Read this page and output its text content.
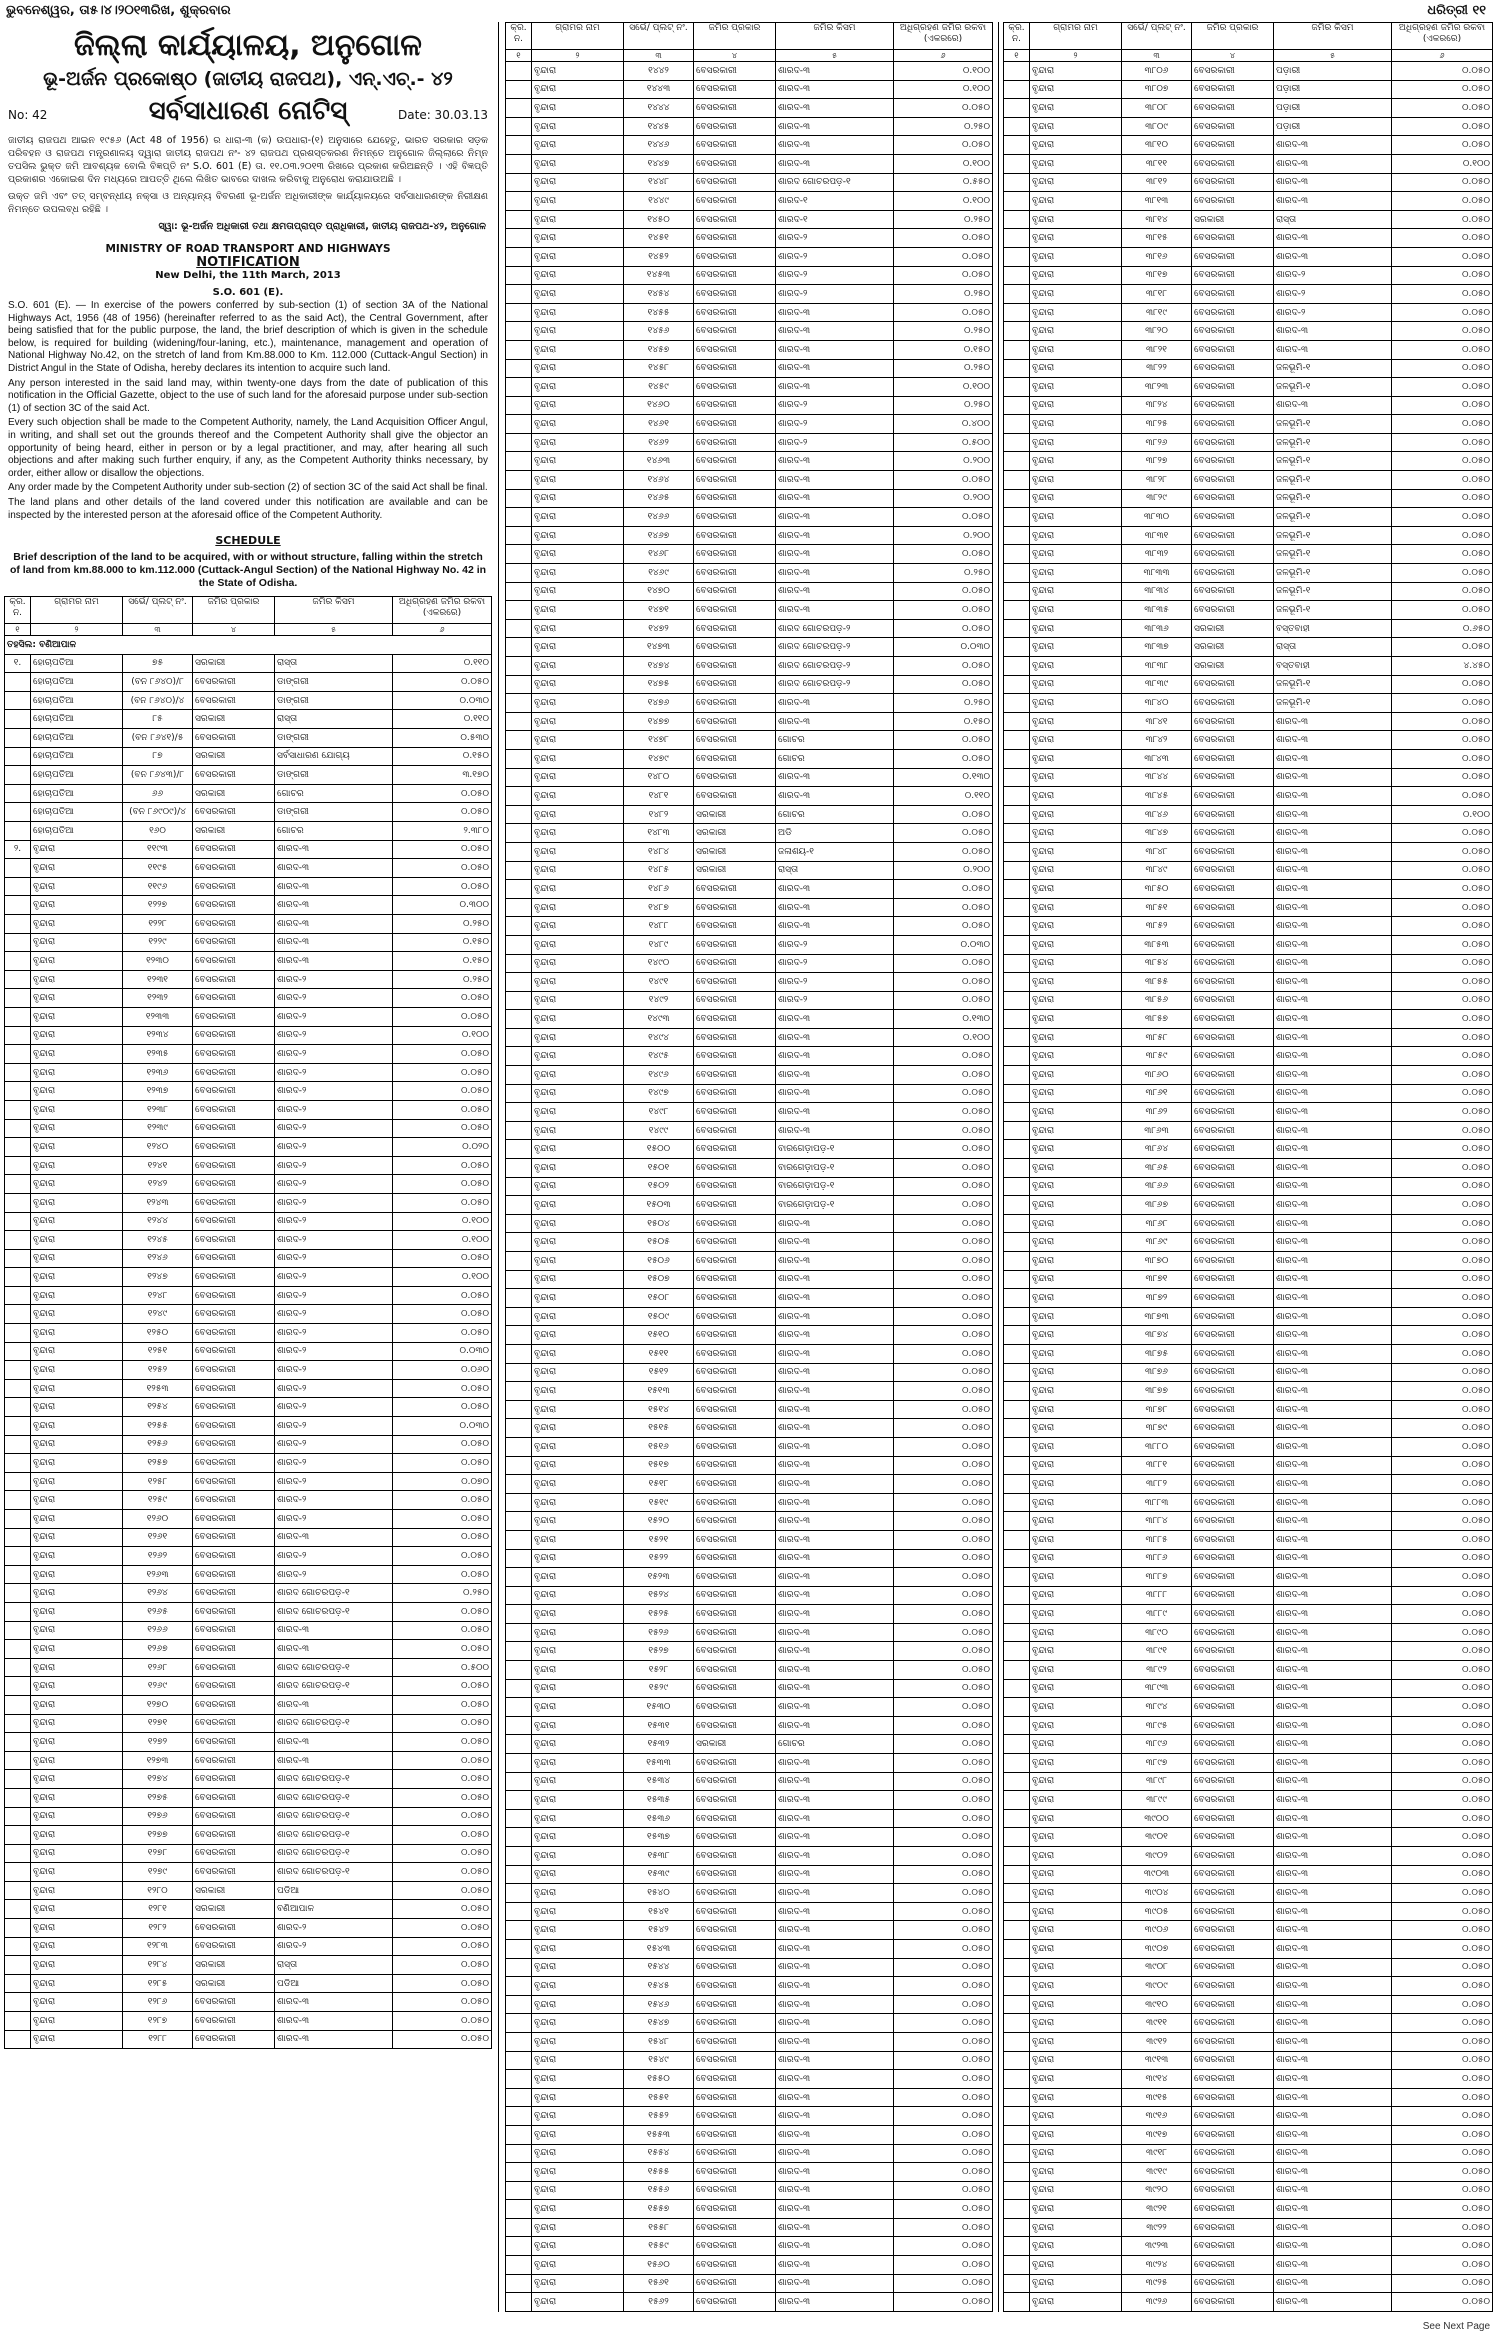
ଭୁବନେଶ୍ୱର, ତା୫।୪।୨୦୧୩ରିଖ, ଶୁକ୍ରବାର	ଧରିତ୍ରୀ ୧୧
ଜିଲ୍ଲା କାର୍ଯ୍ୟାଳୟ, ଅନୁଗୋଳ
ଭୂ-ଅର୍ଜନ ପ୍ରକୋଷ୍ଠ (ଜାତୀୟ ରାଜପଥ), ଏନ୍.ଏଚ୍.- ୪୨
No: 42	ସର୍ବସାଧାରଣ ନୋଟିସ୍	Date: 30.03.13
ଜାତୀୟ ରାଜପଥ ଆଇନ ୧୯୫୬ (Act 48 of 1956) ର ଧାରା-୩ (କ) ଉପଧାରା-(୧) ଅନୁସାରେ ଯେହେତୁ, ଭାରତ ସରକାର ସଡ଼କ ପରିବହନ ଓ ରାଜପଥ ମନ୍ତ୍ରଣାଳୟ ଦ୍ୱାରା ଜାତୀୟ ରାଜପଥ ନଂ- ୪୨ ରାଜପଥ ପ୍ରଶସ୍ତକରଣ ନିମନ୍ତେ ଅନୁଗୋଳ ଜିଲ୍ଲାରେ ନିମ୍ନ ତପସିଲ ଭୁକ୍ତ ଜମି ଆବଶ୍ୟକ ବୋଲି ବିଜ୍ଞପ୍ତି ନଂ S.O. 601 (E) ତା. ୧୧.୦୩.୨୦୧୩ ରିଖରେ ପ୍ରକାଶ କରିଅଛନ୍ତି । ଏହି ବିଜ୍ଞପ୍ତି ପ୍ରକାଶର ଏକୋଇଶ ଦିନ ମଧ୍ୟରେ ଆପତ୍ତି ଥିଲେ ଲିଖିତ ଭାବରେ ଦାଖଲ କରିବାକୁ ଅନୁରୋଧ କରାଯାଉଅଛି ।
ଉକ୍ତ ଜମି ଏବଂ ତତ୍ ସମ୍ବନ୍ଧୀୟ ନକ୍ସା ଓ ଅନ୍ୟାନ୍ୟ ବିବରଣୀ ଭୂ-ଅର୍ଜନ ଅଧିକାରୀଙ୍କ କାର୍ଯ୍ୟାଳୟରେ ସର୍ବସାଧାରଣଙ୍କ ନିରୀକ୍ଷଣ ନିମନ୍ତେ ଉପଲବ୍ଧ ରହିଛି ।
ସ୍ୱା: ଭୂ-ଅର୍ଜନ ଅଧିକାରୀ ତଥା କ୍ଷମତାପ୍ରାପ୍ତ ପ୍ରାଧିକାରୀ, ଜାତୀୟ ରାଜପଥ-୪୨, ଅନୁଗୋଳ
MINISTRY OF ROAD TRANSPORT AND HIGHWAYS
NOTIFICATION
New Delhi, the 11th March, 2013
S.O. 601 (E).
S.O. 601 (E). — In exercise of the powers conferred by sub-section (1) of section 3A of the National Highways Act, 1956 (48 of 1956) (hereinafter referred to as the said Act), the Central Government, after being satisfied that for the public purpose, the land, the brief description of which is given in the schedule below, is required for building (widening/four-laning, etc.), maintenance, management and operation of National Highway No.42, on the stretch of land from Km.88.000 to Km. 112.000 (Cuttack-Angul Section) in District Angul in the State of Odisha, hereby declares its intention to acquire such land.
Any person interested in the said land may, within twenty-one days from the date of publication of this notification in the Official Gazette, object to the use of such land for the aforesaid purpose under sub-section (1) of section 3C of the said Act.
Every such objection shall be made to the Competent Authority, namely, the Land Acquisition Officer Angul, in writing, and shall set out the grounds thereof and the Competent Authority shall give the objector an opportunity of being heard, either in person or by a legal practitioner, and may, after hearing all such objections and after making such further enquiry, if any, as the Competent Authority thinks necessary, by order, either allow or disallow the objections.
Any order made by the Competent Authority under sub-section (2) of section 3C of the said Act shall be final.
The land plans and other details of the land covered under this notification are available and can be inspected by the interested person at the aforesaid office of the Competent Authority.
SCHEDULE
Brief description of the land to be acquired, with or without structure, falling within the stretch of land from km.88.000 to km.112.000 (Cuttack-Angul Section) of the National Highway No. 42 in the State of Odisha.
କ୍ର. ନ.	ଗ୍ରାମର ନାମ	ସର୍ଭେ/ ପ୍ଲଟ୍ ନଂ.	ଜମିର ପ୍ରକାର	ଜମିର କିସମ	ଅଧିଗ୍ରହଣ ଜମିର ରକବା (ଏକରରେ)
୧	୨	୩	୪	୫	୬
ତହସିଲ: ବଣିଆପାଳ					
୧.	ହୋଚାପତିଆ	୭୫	ସରକାରୀ	ରାସ୍ତା	୦.୧୧୦
	ହୋଚାପତିଆ	(ବନ ୮୬୪୦)/୮	ବେସରକାରୀ	ଡାଙ୍ଗରୀ	୦.୦୫୦
	ହୋଚାପତିଆ	(ବନ ୮୬୪୦)/୪	ବେସରକାରୀ	ଡାଙ୍ଗରୀ	୦.୦୩୦
	ହୋଚାପତିଆ	୮୫	ସରକାରୀ	ରାସ୍ତା	୦.୧୧୦
	ହୋଚାପତିଆ	(ବନ ୮୬୪୧)/୫	ବେସରକାରୀ	ଡାଙ୍ଗରୀ	୦.୫୩୦
	ହୋଚାପତିଆ	୮୭	ସରକାରୀ	ସର୍ବସାଧାରଣ ଯୋଗ୍ୟ	୦.୧୫୦
	ହୋଚାପତିଆ	(ବନ ୮୬୪୩)/୮	ବେସରକାରୀ	ଡାଙ୍ଗରୀ	୩.୧୭୦
	ହୋଚାପତିଆ	୬୬	ସରକାରୀ	ଗୋଚର	୦.୦୫୦
	ହୋଚାପତିଆ	(ବନ ୮୬୯୦୯)/୪	ବେସରକାରୀ	ଡାଙ୍ଗରୀ	୦.୦୫୦
	ହୋଚାପତିଆ	୧୬୦	ସରକାରୀ	ଗୋଚର	୨.୩୮୦
୨.	ବୃନ୍ଦାରା	୧୧୯୩	ବେସରକାରୀ	ଶାରଦ-୩	୦.୦୫୦
	ବୃନ୍ଦାରା	୧୧୯୫	ବେସରକାରୀ	ଶାରଦ-୩	୦.୦୫୦
	ବୃନ୍ଦାରା	୧୧୯୬	ବେସରକାରୀ	ଶାରଦ-୩	୦.୦୫୦
	ବୃନ୍ଦାରା	୧୨୨୭	ବେସରକାରୀ	ଶାରଦ-୩	୦.୩୦୦
	ବୃନ୍ଦାରା	୧୨୨୮	ବେସରକାରୀ	ଶାରଦ-୩	୦.୨୫୦
	ବୃନ୍ଦାରା	୧୨୨୯	ବେସରକାରୀ	ଶାରଦ-୩	୦.୧୫୦
	ବୃନ୍ଦାରା	୧୨୩୦	ବେସରକାରୀ	ଶାରଦ-୩	୦.୧୫୦
	ବୃନ୍ଦାରା	୧୨୩୧	ବେସରକାରୀ	ଶାରଦ-୨	୦.୨୫୦
	ବୃନ୍ଦାରା	୧୨୩୨	ବେସରକାରୀ	ଶାରଦ-୨	୦.୦୫୦
	ବୃନ୍ଦାରା	୧୨୩୩	ବେସରକାରୀ	ଶାରଦ-୨	୦.୦୫୦
	ବୃନ୍ଦାରା	୧୨୩୪	ବେସରକାରୀ	ଶାରଦ-୨	୦.୧୦୦
	ବୃନ୍ଦାରା	୧୨୩୫	ବେସରକାରୀ	ଶାରଦ-୨	୦.୦୫୦
	ବୃନ୍ଦାରା	୧୨୩୬	ବେସରକାରୀ	ଶାରଦ-୨	୦.୦୫୦
	ବୃନ୍ଦାରା	୧୨୩୭	ବେସରକାରୀ	ଶାରଦ-୨	୦.୦୫୦
	ବୃନ୍ଦାରା	୧୨୩୮	ବେସରକାରୀ	ଶାରଦ-୨	୦.୦୫୦
	ବୃନ୍ଦାରା	୧୨୩୯	ବେସରକାରୀ	ଶାରଦ-୨	୦.୦୫୦
	ବୃନ୍ଦାରା	୧୨୪୦	ବେସରକାରୀ	ଶାରଦ-୨	୦.୦୨୦
	ବୃନ୍ଦାରା	୧୨୪୧	ବେସରକାରୀ	ଶାରଦ-୨	୦.୦୫୦
	ବୃନ୍ଦାରା	୧୨୪୨	ବେସରକାରୀ	ଶାରଦ-୨	୦.୦୫୦
	ବୃନ୍ଦାରା	୧୨୪୩	ବେସରକାରୀ	ଶାରଦ-୨	୦.୦୫୦
	ବୃନ୍ଦାରା	୧୨୪୪	ବେସରକାରୀ	ଶାରଦ-୨	୦.୧୦୦
	ବୃନ୍ଦାରା	୧୨୪୫	ବେସରକାରୀ	ଶାରଦ-୨	୦.୧୦୦
	ବୃନ୍ଦାରା	୧୨୪୬	ବେସରକାରୀ	ଶାରଦ-୨	୦.୦୫୦
	ବୃନ୍ଦାରା	୧୨୪୭	ବେସରକାରୀ	ଶାରଦ-୨	୦.୧୦୦
	ବୃନ୍ଦାରା	୧୨୪୮	ବେସରକାରୀ	ଶାରଦ-୨	୦.୦୫୦
	ବୃନ୍ଦାରା	୧୨୪୯	ବେସରକାରୀ	ଶାରଦ-୨	୦.୦୫୦
	ବୃନ୍ଦାରା	୧୨୫୦	ବେସରକାରୀ	ଶାରଦ-୨	୦.୦୫୦
	ବୃନ୍ଦାରା	୧୨୫୧	ବେସରକାରୀ	ଶାରଦ-୨	୦.୦୩୦
	ବୃନ୍ଦାରା	୧୨୫୨	ବେସରକାରୀ	ଶାରଦ-୨	୦.୦୬୦
	ବୃନ୍ଦାରା	୧୨୫୩	ବେସରକାରୀ	ଶାରଦ-୨	୦.୦୫୦
	ବୃନ୍ଦାରା	୧୨୫୪	ବେସରକାରୀ	ଶାରଦ-୨	୦.୦୫୦
	ବୃନ୍ଦାରା	୧୨୫୫	ବେସରକାରୀ	ଶାରଦ-୨	୦.୦୩୦
	ବୃନ୍ଦାରା	୧୨୫୬	ବେସରକାରୀ	ଶାରଦ-୨	୦.୦୫୦
	ବୃନ୍ଦାରା	୧୨୫୭	ବେସରକାରୀ	ଶାରଦ-୨	୦.୦୫୦
	ବୃନ୍ଦାରା	୧୨୫୮	ବେସରକାରୀ	ଶାରଦ-୨	୦.୦୭୦
	ବୃନ୍ଦାରା	୧୨୫୯	ବେସରକାରୀ	ଶାରଦ-୨	୦.୦୫୦
	ବୃନ୍ଦାରା	୧୨୬୦	ବେସରକାରୀ	ଶାରଦ-୨	୦.୦୫୦
	ବୃନ୍ଦାରା	୧୨୬୧	ବେସରକାରୀ	ଶାରଦ-୩	୦.୦୫୦
	ବୃନ୍ଦାରା	୧୨୬୨	ବେସରକାରୀ	ଶାରଦ-୨	୦.୦୫୦
	ବୃନ୍ଦାରା	୧୨୬୩	ବେସରକାରୀ	ଶାରଦ-୨	୦.୦୫୦
	ବୃନ୍ଦାରା	୧୨୬୪	ବେସରକାରୀ	ଶାରଦ ଗୋଚରପଡ଼-୧	୦.୨୫୦
	ବୃନ୍ଦାରା	୧୨୬୫	ବେସରକାରୀ	ଶାରଦ ଗୋଚରପଡ଼-୧	୦.୦୫୦
	ବୃନ୍ଦାରା	୧୨୬୬	ବେସରକାରୀ	ଶାରଦ-୩	୦.୦୫୦
	ବୃନ୍ଦାରା	୧୨୬୭	ବେସରକାରୀ	ଶାରଦ-୩	୦.୦୫୦
	ବୃନ୍ଦାରା	୧୨୬୮	ବେସରକାରୀ	ଶାରଦ ଗୋଚରପଡ଼-୧	୦.୫୦୦
	ବୃନ୍ଦାରା	୧୨୬୯	ବେସରକାରୀ	ଶାରଦ ଗୋଚରପଡ଼-୧	୦.୦୫୦
	ବୃନ୍ଦାରା	୧୨୭୦	ବେସରକାରୀ	ଶାରଦ-୩	୦.୦୫୦
	ବୃନ୍ଦାରା	୧୨୭୧	ବେସରକାରୀ	ଶାରଦ ଗୋଚରପଡ଼-୧	୦.୦୫୦
	ବୃନ୍ଦାରା	୧୨୭୨	ବେସରକାରୀ	ଶାରଦ-୩	୦.୦୫୦
	ବୃନ୍ଦାରା	୧୨୭୩	ବେସରକାରୀ	ଶାରଦ-୩	୦.୦୫୦
	ବୃନ୍ଦାରା	୧୨୭୪	ବେସରକାରୀ	ଶାରଦ ଗୋଚରପଡ଼-୧	୦.୦୫୦
	ବୃନ୍ଦାରା	୧୨୭୫	ବେସରକାରୀ	ଶାରଦ ଗୋଚରପଡ଼-୧	୦.୦୫୦
	ବୃନ୍ଦାରା	୧୨୭୬	ବେସରକାରୀ	ଶାରଦ ଗୋଚରପଡ଼-୧	୦.୦୫୦
	ବୃନ୍ଦାରା	୧୨୭୭	ବେସରକାରୀ	ଶାରଦ ଗୋଚରପଡ଼-୧	୦.୦୫୦
	ବୃନ୍ଦାରା	୧୨୭୮	ବେସରକାରୀ	ଶାରଦ ଗୋଚରପଡ଼-୧	୦.୦୫୦
	ବୃନ୍ଦାରା	୧୨୭୯	ବେସରକାରୀ	ଶାରଦ ଗୋଚରପଡ଼-୧	୦.୦୫୦
	ବୃନ୍ଦାରା	୧୨୮୦	ସରକାରୀ	ପଡିଆ	୦.୦୫୦
	ବୃନ୍ଦାରା	୧୨୮୧	ସରକାରୀ	ବଣିଆପାଳ	୦.୦୫୦
	ବୃନ୍ଦାରା	୧୨୮୨	ବେସରକାରୀ	ଶାରଦ-୨	୦.୦୫୦
	ବୃନ୍ଦାରା	୧୨୮୩	ବେସରକାରୀ	ଶାରଦ-୨	୦.୦୫୦
	ବୃନ୍ଦାରା	୧୨୮୪	ସରକାରୀ	ରାସ୍ତା	୦.୦୫୦
	ବୃନ୍ଦାରା	୧୨୮୫	ସରକାରୀ	ପଡିଆ	୦.୦୫୦
	ବୃନ୍ଦାରା	୧୨୮୬	ବେସରକାରୀ	ଶାରଦ-୩	୦.୦୫୦
	ବୃନ୍ଦାରା	୧୨୮୭	ବେସରକାରୀ	ଶାରଦ-୩	୦.୦୫୦
	ବୃନ୍ଦାରା	୧୨୮୮	ବେସରକାରୀ	ଶାରଦ-୩	୦.୦୫୦
କ୍ର. ନ.	ଗ୍ରାମର ନାମ	ସର୍ଭେ/ ପ୍ଲଟ୍ ନଂ.	ଜମିର ପ୍ରକାର	ଜମିର କିସମ	ଅଧିଗ୍ରହଣ ଜମିର ରକବା (ଏକରରେ)
୧	୨	୩	୪	୫	୬
	ବୃନ୍ଦାରା	୧୪୪୨	ବେସରକାରୀ	ଶାରଦ-୩	୦.୧୦୦
	ବୃନ୍ଦାରା	୧୪୪୩	ବେସରକାରୀ	ଶାରଦ-୩	୦.୧୦୦
	ବୃନ୍ଦାରା	୧୪୪୪	ବେସରକାରୀ	ଶାରଦ-୩	୦.୦୫୦
	ବୃନ୍ଦାରା	୧୪୪୫	ବେସରକାରୀ	ଶାରଦ-୩	୦.୨୫୦
	ବୃନ୍ଦାରା	୧୪୪୬	ବେସରକାରୀ	ଶାରଦ-୩	୦.୦୫୦
	ବୃନ୍ଦାରା	୧୪୪୭	ବେସରକାରୀ	ଶାରଦ-୩	୦.୧୦୦
	ବୃନ୍ଦାରା	୧୪୪୮	ବେସରକାରୀ	ଶାରଦ ଗୋଚରପଡ଼-୧	୦.୫୫୦
	ବୃନ୍ଦାରା	୧୪୪୯	ବେସରକାରୀ	ଶାରଦ-୧	୦.୧୦୦
	ବୃନ୍ଦାରା	୧୪୫୦	ବେସରକାରୀ	ଶାରଦ-୧	୦.୨୫୦
	ବୃନ୍ଦାରା	୧୪୫୧	ବେସରକାରୀ	ଶାରଦ-୨	୦.୦୫୦
	ବୃନ୍ଦାରା	୧୪୫୨	ବେସରକାରୀ	ଶାରଦ-୨	୦.୦୫୦
	ବୃନ୍ଦାରା	୧୪୫୩	ବେସରକାରୀ	ଶାରଦ-୨	୦.୦୫୦
	ବୃନ୍ଦାରା	୧୪୫୪	ବେସରକାରୀ	ଶାରଦ-୨	୦.୨୫୦
	ବୃନ୍ଦାରା	୧୪୫୫	ବେସରକାରୀ	ଶାରଦ-୩	୦.୦୫୦
	ବୃନ୍ଦାରା	୧୪୫୬	ବେସରକାରୀ	ଶାରଦ-୩	୦.୨୫୦
	ବୃନ୍ଦାରା	୧୪୫୭	ବେସରକାରୀ	ଶାରଦ-୩	୦.୧୫୦
	ବୃନ୍ଦାରା	୧୪୫୮	ବେସରକାରୀ	ଶାରଦ-୩	୦.୨୫୦
	ବୃନ୍ଦାରା	୧୪୫୯	ବେସରକାରୀ	ଶାରଦ-୩	୦.୧୦୦
	ବୃନ୍ଦାରା	୧୪୬୦	ବେସରକାରୀ	ଶାରଦ-୨	୦.୨୫୦
	ବୃନ୍ଦାରା	୧୪୬୧	ବେସରକାରୀ	ଶାରଦ-୨	୦.୪୦୦
	ବୃନ୍ଦାରା	୧୪୬୨	ବେସରକାରୀ	ଶାରଦ-୨	୦.୫୦୦
	ବୃନ୍ଦାରା	୧୪୬୩	ବେସରକାରୀ	ଶାରଦ-୩	୦.୨୦୦
	ବୃନ୍ଦାରା	୧୪୬୪	ବେସରକାରୀ	ଶାରଦ-୩	୦.୦୫୦
	ବୃନ୍ଦାରା	୧୪୬୫	ବେସରକାରୀ	ଶାରଦ-୩	୦.୨୦୦
	ବୃନ୍ଦାରା	୧୪୬୬	ବେସରକାରୀ	ଶାରଦ-୩	୦.୦୫୦
	ବୃନ୍ଦାରା	୧୪୬୭	ବେସରକାରୀ	ଶାରଦ-୩	୦.୨୦୦
	ବୃନ୍ଦାରା	୧୪୬୮	ବେସରକାରୀ	ଶାରଦ-୩	୦.୦୫୦
	ବୃନ୍ଦାରା	୧୪୬୯	ବେସରକାରୀ	ଶାରଦ-୩	୦.୨୫୦
	ବୃନ୍ଦାରା	୧୪୭୦	ବେସରକାରୀ	ଶାରଦ-୩	୦.୦୫୦
	ବୃନ୍ଦାରା	୧୪୭୧	ବେସରକାରୀ	ଶାରଦ-୩	୦.୦୫୦
	ବୃନ୍ଦାରା	୧୪୭୨	ବେସରକାରୀ	ଶାରଦ ଗୋଚରପଡ଼-୨	୦.୦୫୦
	ବୃନ୍ଦାରା	୧୪୭୩	ବେସରକାରୀ	ଶାରଦ ଗୋଚରପଡ଼-୨	୦.୦୩୦
	ବୃନ୍ଦାରା	୧୪୭୪	ବେସରକାରୀ	ଶାରଦ ଗୋଚରପଡ଼-୨	୦.୦୫୦
	ବୃନ୍ଦାରା	୧୪୭୫	ବେସରକାରୀ	ଶାରଦ ଗୋଚରପଡ଼-୨	୦.୦୫୦
	ବୃନ୍ଦାରା	୧୪୭୬	ବେସରକାରୀ	ଶାରଦ-୩	୦.୨୫୦
	ବୃନ୍ଦାରା	୧୪୭୭	ବେସରକାରୀ	ଶାରଦ-୩	୦.୧୫୦
	ବୃନ୍ଦାରା	୧୪୭୮	ବେସରକାରୀ	ଗୋଚର	୦.୦୫୦
	ବୃନ୍ଦାରା	୧୪୭୯	ବେସରକାରୀ	ଗୋଚର	୦.୦୫୦
	ବୃନ୍ଦାରା	୧୪୮୦	ବେସରକାରୀ	ଶାରଦ-୩	୦.୧୩୦
	ବୃନ୍ଦାରା	୧୪୮୧	ବେସରକାରୀ	ଶାରଦ-୩	୦.୧୧୦
	ବୃନ୍ଦାରା	୧୪୮୨	ସରକାରୀ	ଗୋଚର	୦.୦୫୦
	ବୃନ୍ଦାରା	୧୪୮୩	ସରକାରୀ	ଅଡି	୦.୦୫୦
	ବୃନ୍ଦାରା	୧୪୮୪	ସରକାରୀ	ଜଳାଶୟ-୧	୦.୦୫୦
	ବୃନ୍ଦାରା	୧୪୮୫	ସରକାରୀ	ରାସ୍ତା	୦.୨୦୦
	ବୃନ୍ଦାରା	୧୪୮୬	ବେସରକାରୀ	ଶାରଦ-୩	୦.୦୫୦
	ବୃନ୍ଦାରା	୧୪୮୭	ବେସରକାରୀ	ଶାରଦ-୩	୦.୦୫୦
	ବୃନ୍ଦାରା	୧୪୮୮	ବେସରକାରୀ	ଶାରଦ-୩	୦.୦୫୦
	ବୃନ୍ଦାରା	୧୪୮୯	ବେସରକାରୀ	ଶାରଦ-୨	୦.୦୩୦
	ବୃନ୍ଦାରା	୧୪୯୦	ବେସରକାରୀ	ଶାରଦ-୨	୦.୦୫୦
	ବୃନ୍ଦାରା	୧୪୯୧	ବେସରକାରୀ	ଶାରଦ-୨	୦.୦୫୦
	ବୃନ୍ଦାରା	୧୪୯୨	ବେସରକାରୀ	ଶାରଦ-୨	୦.୦୫୦
	ବୃନ୍ଦାରା	୧୪୯୩	ବେସରକାରୀ	ଶାରଦ-୩	୦.୧୩୦
	ବୃନ୍ଦାରା	୧୪୯୪	ବେସରକାରୀ	ଶାରଦ-୩	୦.୧୦୦
	ବୃନ୍ଦାରା	୧୪୯୫	ବେସରକାରୀ	ଶାରଦ-୩	୦.୦୫୦
	ବୃନ୍ଦାରା	୧୪୯୬	ବେସରକାରୀ	ଶାରଦ-୩	୦.୦୫୦
	ବୃନ୍ଦାରା	୧୪୯୭	ବେସରକାରୀ	ଶାରଦ-୩	୦.୦୫୦
	ବୃନ୍ଦାରା	୧୪୯୮	ବେସରକାରୀ	ଶାରଦ-୩	୦.୦୫୦
	ବୃନ୍ଦାରା	୧୪୯୯	ବେସରକାରୀ	ଶାରଦ-୩	୦.୦୫୦
	ବୃନ୍ଦାରା	୧୫୦୦	ବେସରକାରୀ	ବାରଗେଡ଼ାପଡ଼-୧	୦.୦୫୦
	ବୃନ୍ଦାରା	୧୫୦୧	ବେସରକାରୀ	ବାରଗେଡ଼ାପଡ଼-୧	୦.୦୫୦
	ବୃନ୍ଦାରା	୧୫୦୨	ବେସରକାରୀ	ବାରଗେଡ଼ାପଡ଼-୧	୦.୦୫୦
	ବୃନ୍ଦାରା	୧୫୦୩	ବେସରକାରୀ	ବାରଗେଡ଼ାପଡ଼-୧	୦.୦୫୦
	ବୃନ୍ଦାରା	୧୫୦୪	ବେସରକାରୀ	ଶାରଦ-୩	୦.୦୫୦
	ବୃନ୍ଦାରା	୧୫୦୫	ବେସରକାରୀ	ଶାରଦ-୩	୦.୦୫୦
	ବୃନ୍ଦାରା	୧୫୦୬	ବେସରକାରୀ	ଶାରଦ-୩	୦.୦୫୦
	ବୃନ୍ଦାରା	୧୫୦୭	ବେସରକାରୀ	ଶାରଦ-୩	୦.୦୫୦
	ବୃନ୍ଦାରା	୧୫୦୮	ବେସରକାରୀ	ଶାରଦ-୩	୦.୦୫୦
	ବୃନ୍ଦାରା	୧୫୦୯	ବେସରକାରୀ	ଶାରଦ-୩	୦.୦୫୦
	ବୃନ୍ଦାରା	୧୫୧୦	ବେସରକାରୀ	ଶାରଦ-୩	୦.୦୫୦
	ବୃନ୍ଦାରା	୧୫୧୧	ବେସରକାରୀ	ଶାରଦ-୩	୦.୦୫୦
	ବୃନ୍ଦାରା	୧୫୧୨	ବେସରକାରୀ	ଶାରଦ-୩	୦.୦୫୦
	ବୃନ୍ଦାରା	୧୫୧୩	ବେସରକାରୀ	ଶାରଦ-୩	୦.୦୫୦
	ବୃନ୍ଦାରା	୧୫୧୪	ବେସରକାରୀ	ଶାରଦ-୩	୦.୦୫୦
	ବୃନ୍ଦାରା	୧୫୧୫	ବେସରକାରୀ	ଶାରଦ-୩	୦.୦୫୦
	ବୃନ୍ଦାରା	୧୫୧୬	ବେସରକାରୀ	ଶାରଦ-୩	୦.୦୫୦
	ବୃନ୍ଦାରା	୧୫୧୭	ବେସରକାରୀ	ଶାରଦ-୩	୦.୦୫୦
	ବୃନ୍ଦାରା	୧୫୧୮	ବେସରକାରୀ	ଶାରଦ-୩	୦.୦୫୦
	ବୃନ୍ଦାରା	୧୫୧୯	ବେସରକାରୀ	ଶାରଦ-୩	୦.୦୫୦
	ବୃନ୍ଦାରା	୧୫୨୦	ବେସରକାରୀ	ଶାରଦ-୩	୦.୦୫୦
	ବୃନ୍ଦାରା	୧୫୨୧	ବେସରକାରୀ	ଶାରଦ-୩	୦.୦୫୦
	ବୃନ୍ଦାରା	୧୫୨୨	ବେସରକାରୀ	ଶାରଦ-୩	୦.୦୫୦
	ବୃନ୍ଦାରା	୧୫୨୩	ବେସରକାରୀ	ଶାରଦ-୩	୦.୦୫୦
	ବୃନ୍ଦାରା	୧୫୨୪	ବେସରକାରୀ	ଶାରଦ-୩	୦.୦୫୦
	ବୃନ୍ଦାରା	୧୫୨୫	ବେସରକାରୀ	ଶାରଦ-୩	୦.୦୫୦
	ବୃନ୍ଦାରା	୧୫୨୬	ବେସରକାରୀ	ଶାରଦ-୩	୦.୦୫୦
	ବୃନ୍ଦାରା	୧୫୨୭	ବେସରକାରୀ	ଶାରଦ-୩	୦.୦୫୦
	ବୃନ୍ଦାରା	୧୫୨୮	ବେସରକାରୀ	ଶାରଦ-୩	୦.୦୫୦
	ବୃନ୍ଦାରା	୧୫୨୯	ବେସରକାରୀ	ଶାରଦ-୩	୦.୦୫୦
	ବୃନ୍ଦାରା	୧୫୩୦	ବେସରକାରୀ	ଶାରଦ-୩	୦.୦୫୦
	ବୃନ୍ଦାରା	୧୫୩୧	ବେସରକାରୀ	ଶାରଦ-୩	୦.୦୫୦
	ବୃନ୍ଦାରା	୧୫୩୨	ସରକାରୀ	ଗୋଚର	୦.୦୫୦
	ବୃନ୍ଦାରା	୧୫୩୩	ବେସରକାରୀ	ଶାରଦ-୩	୦.୦୫୦
	ବୃନ୍ଦାରା	୧୫୩୪	ବେସରକାରୀ	ଶାରଦ-୩	୦.୦୫୦
	ବୃନ୍ଦାରା	୧୫୩୫	ବେସରକାରୀ	ଶାରଦ-୩	୦.୦୫୦
	ବୃନ୍ଦାରା	୧୫୩୬	ବେସରକାରୀ	ଶାରଦ-୩	୦.୦୫୦
	ବୃନ୍ଦାରା	୧୫୩୭	ବେସରକାରୀ	ଶାରଦ-୩	୦.୦୫୦
	ବୃନ୍ଦାରା	୧୫୩୮	ବେସରକାରୀ	ଶାରଦ-୩	୦.୦୫୦
	ବୃନ୍ଦାରା	୧୫୩୯	ବେସରକାରୀ	ଶାରଦ-୩	୦.୦୫୦
	ବୃନ୍ଦାରା	୧୫୪୦	ବେସରକାରୀ	ଶାରଦ-୩	୦.୦୫୦
	ବୃନ୍ଦାରା	୧୫୪୧	ବେସରକାରୀ	ଶାରଦ-୩	୦.୦୫୦
	ବୃନ୍ଦାରା	୧୫୪୨	ବେସରକାରୀ	ଶାରଦ-୩	୦.୦୫୦
	ବୃନ୍ଦାରା	୧୫୪୩	ବେସରକାରୀ	ଶାରଦ-୩	୦.୦୫୦
	ବୃନ୍ଦାରା	୧୫୪୪	ବେସରକାରୀ	ଶାରଦ-୩	୦.୦୫୦
	ବୃନ୍ଦାରା	୧୫୪୫	ବେସରକାରୀ	ଶାରଦ-୩	୦.୦୫୦
	ବୃନ୍ଦାରା	୧୫୪୬	ବେସରକାରୀ	ଶାରଦ-୩	୦.୦୫୦
	ବୃନ୍ଦାରା	୧୫୪୭	ବେସରକାରୀ	ଶାରଦ-୩	୦.୦୫୦
	ବୃନ୍ଦାରା	୧୫୪୮	ବେସରକାରୀ	ଶାରଦ-୩	୦.୦୫୦
	ବୃନ୍ଦାରା	୧୫୪୯	ବେସରକାରୀ	ଶାରଦ-୩	୦.୦୫୦
	ବୃନ୍ଦାରା	୧୫୫୦	ବେସରକାରୀ	ଶାରଦ-୩	୦.୦୫୦
	ବୃନ୍ଦାରା	୧୫୫୧	ବେସରକାରୀ	ଶାରଦ-୩	୦.୦୫୦
	ବୃନ୍ଦାରା	୧୫୫୨	ବେସରକାରୀ	ଶାରଦ-୩	୦.୦୫୦
	ବୃନ୍ଦାରା	୧୫୫୩	ବେସରକାରୀ	ଶାରଦ-୩	୦.୦୫୦
	ବୃନ୍ଦାରା	୧୫୫୪	ବେସରକାରୀ	ଶାରଦ-୩	୦.୦୫୦
	ବୃନ୍ଦାରା	୧୫୫୫	ବେସରକାରୀ	ଶାରଦ-୩	୦.୦୫୦
	ବୃନ୍ଦାରା	୧୫୫୬	ବେସରକାରୀ	ଶାରଦ-୩	୦.୦୫୦
	ବୃନ୍ଦାରା	୧୫୫୭	ବେସରକାରୀ	ଶାରଦ-୩	୦.୦୫୦
	ବୃନ୍ଦାରା	୧୫୫୮	ବେସରକାରୀ	ଶାରଦ-୩	୦.୦୫୦
	ବୃନ୍ଦାରା	୧୫୫୯	ବେସରକାରୀ	ଶାରଦ-୩	୦.୦୫୦
	ବୃନ୍ଦାରା	୧୫୬୦	ବେସରକାରୀ	ଶାରଦ-୩	୦.୦୫୦
	ବୃନ୍ଦାରା	୧୫୬୧	ବେସରକାରୀ	ଶାରଦ-୩	୦.୦୫୦
	ବୃନ୍ଦାରା	୧୫୬୨	ବେସରକାରୀ	ଶାରଦ-୩	୦.୦୫୦

କ୍ର. ନ.	ଗ୍ରାମର ନାମ	ସର୍ଭେ/ ପ୍ଲଟ୍ ନଂ.	ଜମିର ପ୍ରକାର	ଜମିର କିସମ	ଅଧିଗ୍ରହଣ ଜମିର ରକବା (ଏକରରେ)
୧	୨	୩	୪	୫	୬
	ବୃନ୍ଦାରା	୩୮୦୬	ବେସରକାରୀ	ପଡ଼ାରୀ	୦.୦୫୦
	ବୃନ୍ଦାରା	୩୮୦୭	ବେସରକାରୀ	ପଡ଼ାରୀ	୦.୦୫୦
	ବୃନ୍ଦାରା	୩୮୦୮	ବେସରକାରୀ	ପଡ଼ାରୀ	୦.୦୫୦
	ବୃନ୍ଦାରା	୩୮୦୯	ବେସରକାରୀ	ପଡ଼ାରୀ	୦.୦୫୦
	ବୃନ୍ଦାରା	୩୮୧୦	ବେସରକାରୀ	ଶାରଦ-୩	୦.୦୫୦
	ବୃନ୍ଦାରା	୩୮୧୧	ବେସରକାରୀ	ଶାରଦ-୩	୦.୧୦୦
	ବୃନ୍ଦାରା	୩୮୧୨	ବେସରକାରୀ	ଶାରଦ-୩	୦.୦୫୦
	ବୃନ୍ଦାରା	୩୮୧୩	ବେସରକାରୀ	ଶାରଦ-୩	୦.୦୫୦
	ବୃନ୍ଦାରା	୩୮୧୪	ସରକାରୀ	ରାସ୍ତା	୦.୦୫୦
	ବୃନ୍ଦାରା	୩୮୧୫	ବେସରକାରୀ	ଶାରଦ-୩	୦.୦୫୦
	ବୃନ୍ଦାରା	୩୮୧୬	ବେସରକାରୀ	ଶାରଦ-୩	୦.୦୫୦
	ବୃନ୍ଦାରା	୩୮୧୭	ବେସରକାରୀ	ଶାରଦ-୨	୦.୦୫୦
	ବୃନ୍ଦାରା	୩୮୧୮	ବେସରକାରୀ	ଶାରଦ-୨	୦.୦୫୦
	ବୃନ୍ଦାରା	୩୮୧୯	ବେସରକାରୀ	ଶାରଦ-୨	୦.୦୫୦
	ବୃନ୍ଦାରା	୩୮୨୦	ବେସରକାରୀ	ଶାରଦ-୩	୦.୦୫୦
	ବୃନ୍ଦାରା	୩୮୨୧	ବେସରକାରୀ	ଶାରଦ-୩	୦.୦୫୦
	ବୃନ୍ଦାରା	୩୮୨୨	ବେସରକାରୀ	ଜଳଭୂମି-୧	୦.୦୫୦
	ବୃନ୍ଦାରା	୩୮୨୩	ବେସରକାରୀ	ଜଳଭୂମି-୧	୦.୦୫୦
	ବୃନ୍ଦାରା	୩୮୨୪	ବେସରକାରୀ	ଶାରଦ-୩	୦.୦୫୦
	ବୃନ୍ଦାରା	୩୮୨୫	ବେସରକାରୀ	ଜଳଭୂମି-୧	୦.୦୫୦
	ବୃନ୍ଦାରା	୩୮୨୬	ବେସରକାରୀ	ଜଳଭୂମି-୧	୦.୦୫୦
	ବୃନ୍ଦାରା	୩୮୨୭	ବେସରକାରୀ	ଜଳଭୂମି-୧	୦.୦୫୦
	ବୃନ୍ଦାରା	୩୮୨୮	ବେସରକାରୀ	ଜଳଭୂମି-୧	୦.୦୫୦
	ବୃନ୍ଦାରା	୩୮୨୯	ବେସରକାରୀ	ଜଳଭୂମି-୧	୦.୦୫୦
	ବୃନ୍ଦାରା	୩୮୩୦	ବେସରକାରୀ	ଜଳଭୂମି-୧	୦.୦୫୦
	ବୃନ୍ଦାରା	୩୮୩୧	ବେସରକାରୀ	ଜଳଭୂମି-୧	୦.୦୫୦
	ବୃନ୍ଦାରା	୩୮୩୨	ବେସରକାରୀ	ଜଳଭୂମି-୧	୦.୦୫୦
	ବୃନ୍ଦାରା	୩୮୩୩	ବେସରକାରୀ	ଜଳଭୂମି-୧	୦.୦୫୦
	ବୃନ୍ଦାରା	୩୮୩୪	ବେସରକାରୀ	ଜଳଭୂମି-୧	୦.୦୫୦
	ବୃନ୍ଦାରା	୩୮୩୫	ବେସରକାରୀ	ଜଳଭୂମି-୧	୦.୦୫୦
	ବୃନ୍ଦାରା	୩୮୩୬	ସରକାରୀ	ବସ୍ତବାହୀ	୦.୬୫୦
	ବୃନ୍ଦାରା	୩୮୩୭	ସରକାରୀ	ରାସ୍ତା	୦.୦୫୦
	ବୃନ୍ଦାରା	୩୮୩୮	ସରକାରୀ	ବସ୍ତବାହୀ	୪.୪୫୦
	ବୃନ୍ଦାରା	୩୮୩୯	ବେସରକାରୀ	ଜଳଭୂମି-୧	୦.୦୫୦
	ବୃନ୍ଦାରା	୩୮୪୦	ବେସରକାରୀ	ଜଳଭୂମି-୧	୦.୦୫୦
	ବୃନ୍ଦାରା	୩୮୪୧	ବେସରକାରୀ	ଶାରଦ-୩	୦.୦୫୦
	ବୃନ୍ଦାରା	୩୮୪୨	ବେସରକାରୀ	ଶାରଦ-୩	୦.୦୫୦
	ବୃନ୍ଦାରା	୩୮୪୩	ବେସରକାରୀ	ଶାରଦ-୩	୦.୦୫୦
	ବୃନ୍ଦାରା	୩୮୪୪	ବେସରକାରୀ	ଶାରଦ-୩	୦.୦୫୦
	ବୃନ୍ଦାରା	୩୮୪୫	ବେସରକାରୀ	ଶାରଦ-୩	୦.୦୫୦
	ବୃନ୍ଦାରା	୩୮୪୬	ବେସରକାରୀ	ଶାରଦ-୩	୦.୧୦୦
	ବୃନ୍ଦାରା	୩୮୪୭	ବେସରକାରୀ	ଶାରଦ-୩	୦.୦୫୦
	ବୃନ୍ଦାରା	୩୮୪୮	ବେସରକାରୀ	ଶାରଦ-୩	୦.୦୫୦
	ବୃନ୍ଦାରା	୩୮୪୯	ବେସରକାରୀ	ଶାରଦ-୩	୦.୦୫୦
	ବୃନ୍ଦାରା	୩୮୫୦	ବେସରକାରୀ	ଶାରଦ-୩	୦.୦୫୦
	ବୃନ୍ଦାରା	୩୮୫୧	ବେସରକାରୀ	ଶାରଦ-୩	୦.୦୫୦
	ବୃନ୍ଦାରା	୩୮୫୨	ବେସରକାରୀ	ଶାରଦ-୩	୦.୦୫୦
	ବୃନ୍ଦାରା	୩୮୫୩	ବେସରକାରୀ	ଶାରଦ-୩	୦.୦୫୦
	ବୃନ୍ଦାରା	୩୮୫୪	ବେସରକାରୀ	ଶାରଦ-୩	୦.୦୫୦
	ବୃନ୍ଦାରା	୩୮୫୫	ବେସରକାରୀ	ଶାରଦ-୩	୦.୦୫୦
	ବୃନ୍ଦାରା	୩୮୫୬	ବେସରକାରୀ	ଶାରଦ-୩	୦.୦୫୦
	ବୃନ୍ଦାରା	୩୮୫୭	ବେସରକାରୀ	ଶାରଦ-୩	୦.୦୫୦
	ବୃନ୍ଦାରା	୩୮୫୮	ବେସରକାରୀ	ଶାରଦ-୩	୦.୦୫୦
	ବୃନ୍ଦାରା	୩୮୫୯	ବେସରକାରୀ	ଶାରଦ-୩	୦.୦୫୦
	ବୃନ୍ଦାରା	୩୮୬୦	ବେସରକାରୀ	ଶାରଦ-୩	୦.୦୫୦
	ବୃନ୍ଦାରା	୩୮୬୧	ବେସରକାରୀ	ଶାରଦ-୩	୦.୦୫୦
	ବୃନ୍ଦାରା	୩୮୬୨	ବେସରକାରୀ	ଶାରଦ-୩	୦.୦୫୦
	ବୃନ୍ଦାରା	୩୮୬୩	ବେସରକାରୀ	ଶାରଦ-୩	୦.୦୫୦
	ବୃନ୍ଦାରା	୩୮୬୪	ବେସରକାରୀ	ଶାରଦ-୩	୦.୦୫୦
	ବୃନ୍ଦାରା	୩୮୬୫	ବେସରକାରୀ	ଶାରଦ-୩	୦.୦୫୦
	ବୃନ୍ଦାରା	୩୮୬୬	ବେସରକାରୀ	ଶାରଦ-୩	୦.୦୫୦
	ବୃନ୍ଦାରା	୩୮୬୭	ବେସରକାରୀ	ଶାରଦ-୩	୦.୦୫୦
	ବୃନ୍ଦାରା	୩୮୬୮	ବେସରକାରୀ	ଶାରଦ-୩	୦.୦୫୦
	ବୃନ୍ଦାରା	୩୮୬୯	ବେସରକାରୀ	ଶାରଦ-୩	୦.୦୫୦
	ବୃନ୍ଦାରା	୩୮୭୦	ବେସରକାରୀ	ଶାରଦ-୩	୦.୦୫୦
	ବୃନ୍ଦାରା	୩୮୭୧	ବେସରକାରୀ	ଶାରଦ-୩	୦.୦୫୦
	ବୃନ୍ଦାରା	୩୮୭୨	ବେସରକାରୀ	ଶାରଦ-୩	୦.୦୫୦
	ବୃନ୍ଦାରା	୩୮୭୩	ବେସରକାରୀ	ଶାରଦ-୩	୦.୦୫୦
	ବୃନ୍ଦାରା	୩୮୭୪	ବେସରକାରୀ	ଶାରଦ-୩	୦.୦୫୦
	ବୃନ୍ଦାରା	୩୮୭୫	ବେସରକାରୀ	ଶାରଦ-୩	୦.୦୫୦
	ବୃନ୍ଦାରା	୩୮୭୬	ବେସରକାରୀ	ଶାରଦ-୩	୦.୦୫୦
	ବୃନ୍ଦାରା	୩୮୭୭	ବେସରକାରୀ	ଶାରଦ-୩	୦.୦୫୦
	ବୃନ୍ଦାରା	୩୮୭୮	ବେସରକାରୀ	ଶାରଦ-୩	୦.୦୫୦
	ବୃନ୍ଦାରା	୩୮୭୯	ବେସରକାରୀ	ଶାରଦ-୩	୦.୦୫୦
	ବୃନ୍ଦାରା	୩୮୮୦	ବେସରକାରୀ	ଶାରଦ-୩	୦.୦୫୦
	ବୃନ୍ଦାରା	୩୮୮୧	ବେସରକାରୀ	ଶାରଦ-୩	୦.୦୫୦
	ବୃନ୍ଦାରା	୩୮୮୨	ବେସରକାରୀ	ଶାରଦ-୩	୦.୦୫୦
	ବୃନ୍ଦାରା	୩୮୮୩	ବେସରକାରୀ	ଶାରଦ-୩	୦.୦୫୦
	ବୃନ୍ଦାରା	୩୮୮୪	ବେସରକାରୀ	ଶାରଦ-୩	୦.୦୫୦
	ବୃନ୍ଦାରା	୩୮୮୫	ବେସରକାରୀ	ଶାରଦ-୩	୦.୦୫୦
	ବୃନ୍ଦାରା	୩୮୮୬	ବେସରକାରୀ	ଶାରଦ-୩	୦.୦୫୦
	ବୃନ୍ଦାରା	୩୮୮୭	ବେସରକାରୀ	ଶାରଦ-୩	୦.୦୫୦
	ବୃନ୍ଦାରା	୩୮୮୮	ବେସରକାରୀ	ଶାରଦ-୩	୦.୦୫୦
	ବୃନ୍ଦାରା	୩୮୮୯	ବେସରକାରୀ	ଶାରଦ-୩	୦.୦୫୦
	ବୃନ୍ଦାରା	୩୮୯୦	ବେସରକାରୀ	ଶାରଦ-୩	୦.୦୫୦
	ବୃନ୍ଦାରା	୩୮୯୧	ବେସରକାରୀ	ଶାରଦ-୩	୦.୦୫୦
	ବୃନ୍ଦାରା	୩୮୯୨	ବେସରକାରୀ	ଶାରଦ-୩	୦.୦୫୦
	ବୃନ୍ଦାରା	୩୮୯୩	ବେସରକାରୀ	ଶାରଦ-୩	୦.୦୫୦
	ବୃନ୍ଦାରା	୩୮୯୪	ବେସରକାରୀ	ଶାରଦ-୩	୦.୦୫୦
	ବୃନ୍ଦାରା	୩୮୯୫	ବେସରକାରୀ	ଶାରଦ-୩	୦.୦୫୦
	ବୃନ୍ଦାରା	୩୮୯୬	ବେସରକାରୀ	ଶାରଦ-୩	୦.୦୫୦
	ବୃନ୍ଦାରା	୩୮୯୭	ବେସରକାରୀ	ଶାରଦ-୩	୦.୦୫୦
	ବୃନ୍ଦାରା	୩୮୯୮	ବେସରକାରୀ	ଶାରଦ-୩	୦.୦୫୦
	ବୃନ୍ଦାରା	୩୮୯୯	ବେସରକାରୀ	ଶାରଦ-୩	୦.୦୫୦
	ବୃନ୍ଦାରା	୩୯୦୦	ବେସରକାରୀ	ଶାରଦ-୩	୦.୦୫୦
	ବୃନ୍ଦାରା	୩୯୦୧	ବେସରକାରୀ	ଶାରଦ-୩	୦.୦୫୦
	ବୃନ୍ଦାରା	୩୯୦୨	ବେସରକାରୀ	ଶାରଦ-୩	୦.୦୫୦
	ବୃନ୍ଦାରା	୩୯୦୩	ବେସରକାରୀ	ଶାରଦ-୩	୦.୦୫୦
	ବୃନ୍ଦାରା	୩୯୦୪	ବେସରକାରୀ	ଶାରଦ-୩	୦.୦୫୦
	ବୃନ୍ଦାରା	୩୯୦୫	ବେସରକାରୀ	ଶାରଦ-୩	୦.୦୫୦
	ବୃନ୍ଦାରା	୩୯୦୬	ବେସରକାରୀ	ଶାରଦ-୩	୦.୦୫୦
	ବୃନ୍ଦାରା	୩୯୦୭	ବେସରକାରୀ	ଶାରଦ-୩	୦.୦୫୦
	ବୃନ୍ଦାରା	୩୯୦୮	ବେସରକାରୀ	ଶାରଦ-୩	୦.୦୫୦
	ବୃନ୍ଦାରା	୩୯୦୯	ବେସରକାରୀ	ଶାରଦ-୩	୦.୦୫୦
	ବୃନ୍ଦାରା	୩୯୧୦	ବେସରକାରୀ	ଶାରଦ-୩	୦.୦୫୦
	ବୃନ୍ଦାରା	୩୯୧୧	ବେସରକାରୀ	ଶାରଦ-୩	୦.୦୫୦
	ବୃନ୍ଦାରା	୩୯୧୨	ବେସରକାରୀ	ଶାରଦ-୩	୦.୦୫୦
	ବୃନ୍ଦାରା	୩୯୧୩	ବେସରକାରୀ	ଶାରଦ-୩	୦.୦୫୦
	ବୃନ୍ଦାରା	୩୯୧୪	ବେସରକାରୀ	ଶାରଦ-୩	୦.୦୫୦
	ବୃନ୍ଦାରା	୩୯୧୫	ବେସରକାରୀ	ଶାରଦ-୩	୦.୦୫୦
	ବୃନ୍ଦାରା	୩୯୧୬	ବେସରକାରୀ	ଶାରଦ-୩	୦.୦୫୦
	ବୃନ୍ଦାରା	୩୯୧୭	ବେସରକାରୀ	ଶାରଦ-୩	୦.୦୫୦
	ବୃନ୍ଦାରା	୩୯୧୮	ବେସରକାରୀ	ଶାରଦ-୩	୦.୦୫୦
	ବୃନ୍ଦାରା	୩୯୧୯	ବେସରକାରୀ	ଶାରଦ-୩	୦.୦୫୦
	ବୃନ୍ଦାରା	୩୯୨୦	ବେସରକାରୀ	ଶାରଦ-୩	୦.୦୫୦
	ବୃନ୍ଦାରା	୩୯୨୧	ବେସରକାରୀ	ଶାରଦ-୩	୦.୦୫୦
	ବୃନ୍ଦାରା	୩୯୨୨	ବେସରକାରୀ	ଶାରଦ-୩	୦.୦୫୦
	ବୃନ୍ଦାରା	୩୯୨୩	ବେସରକାରୀ	ଶାରଦ-୩	୦.୦୫୦
	ବୃନ୍ଦାରା	୩୯୨୪	ବେସରକାରୀ	ଶାରଦ-୩	୦.୦୫୦
	ବୃନ୍ଦାରା	୩୯୨୫	ବେସରକାରୀ	ଶାରଦ-୩	୦.୦୫୦
	ବୃନ୍ଦାରା	୩୯୨୬	ବେସରକାରୀ	ଶାରଦ-୩	୦.୦୫୦

See Next Page
